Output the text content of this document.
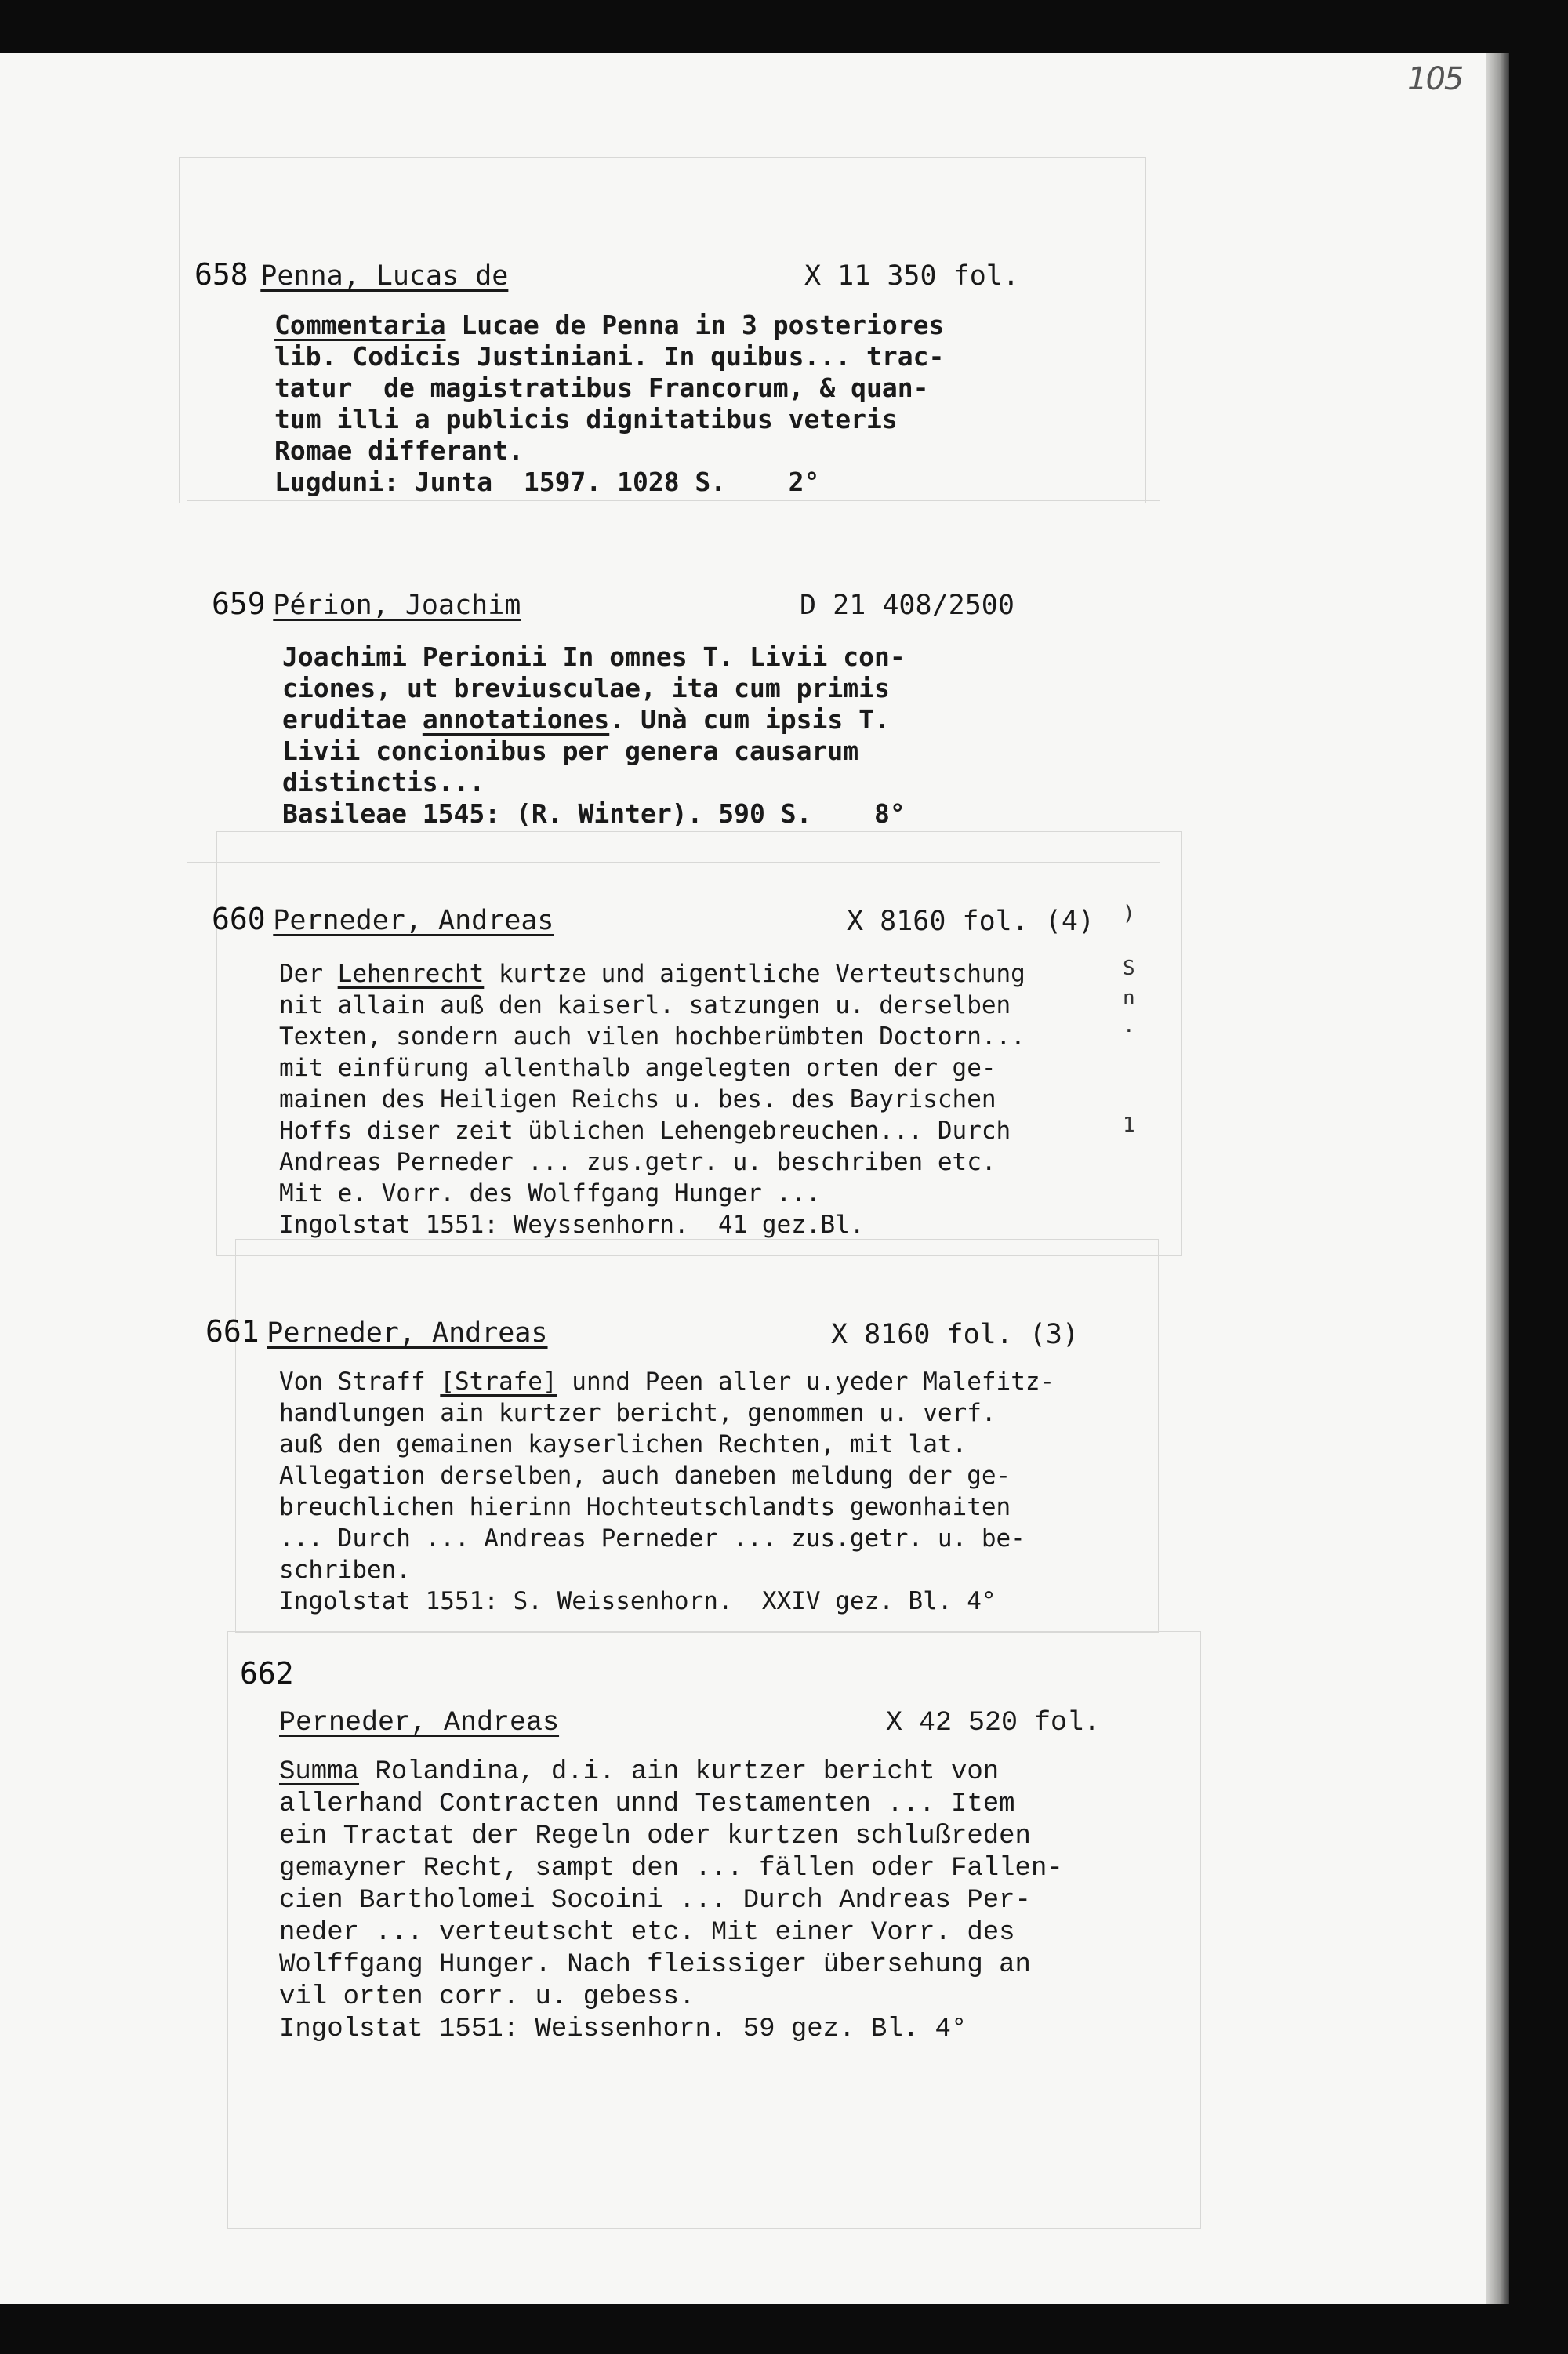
105
658 Penna, Lucas de	X 11 350 fol.

Commentaria Lucae de Penna in 3 posteriores

lib. Codicis Justiniani. In quibus... trac-

tatur  de magistratibus Francorum, & quan-

tum illi a publicis dignitatibus veteris

Romae differant.

Lugduni: Junta  1597. 1028 S.    2°

659 Périon, Joachim	D 21 408/2500

Joachimi Perionii In omnes T. Livii con-

ciones, ut breviusculae, ita cum primis

eruditae annotationes. Unà cum ipsis T.

Livii concionibus per genera causarum

distinctis...

Basileae 1545: (R. Winter). 590 S.    8°

660 Perneder, Andreas	X 8160 fol. (4)

Der Lehenrecht kurtze und aigentliche Verteutschung

nit allain auß den kaiserl. satzungen u. derselben

Texten, sondern auch vilen hochberümbten Doctorn...

mit einfürung allenthalb angelegten orten der ge-

mainen des Heiligen Reichs u. bes. des Bayrischen

Hoffs diser zeit üblichen Lehengebreuchen... Durch

Andreas Perneder ... zus.getr. u. beschriben etc.

Mit e. Vorr. des Wolffgang Hunger ...

Ingolstat 1551: Weyssenhorn.  41 gez.Bl.

)
S
n
·
1
661 Perneder, Andreas	X 8160 fol. (3)

Von Straff [Strafe] unnd Peen aller u.yeder Malefitz-

handlungen ain kurtzer bericht, genommen u. verf.

auß den gemainen kayserlichen Rechten, mit lat.

Allegation derselben, auch daneben meldung der ge-

breuchlichen hierinn Hochteutschlandts gewonhaiten

... Durch ... Andreas Perneder ... zus.getr. u. be-

schriben.

Ingolstat 1551: S. Weissenhorn.  XXIV gez. Bl. 4°

662
Perneder, Andreas	X 42 520 fol.

Summa Rolandina, d.i. ain kurtzer bericht von

allerhand Contracten unnd Testamenten ... Item

ein Tractat der Regeln oder kurtzen schlußreden

gemayner Recht, sampt den ... fällen oder Fallen-

cien Bartholomei Socoini ... Durch Andreas Per-

neder ... verteutscht etc. Mit einer Vorr. des

Wolffgang Hunger. Nach fleissiger übersehung an

vil orten corr. u. gebess.

Ingolstat 1551: Weissenhorn. 59 gez. Bl. 4°
